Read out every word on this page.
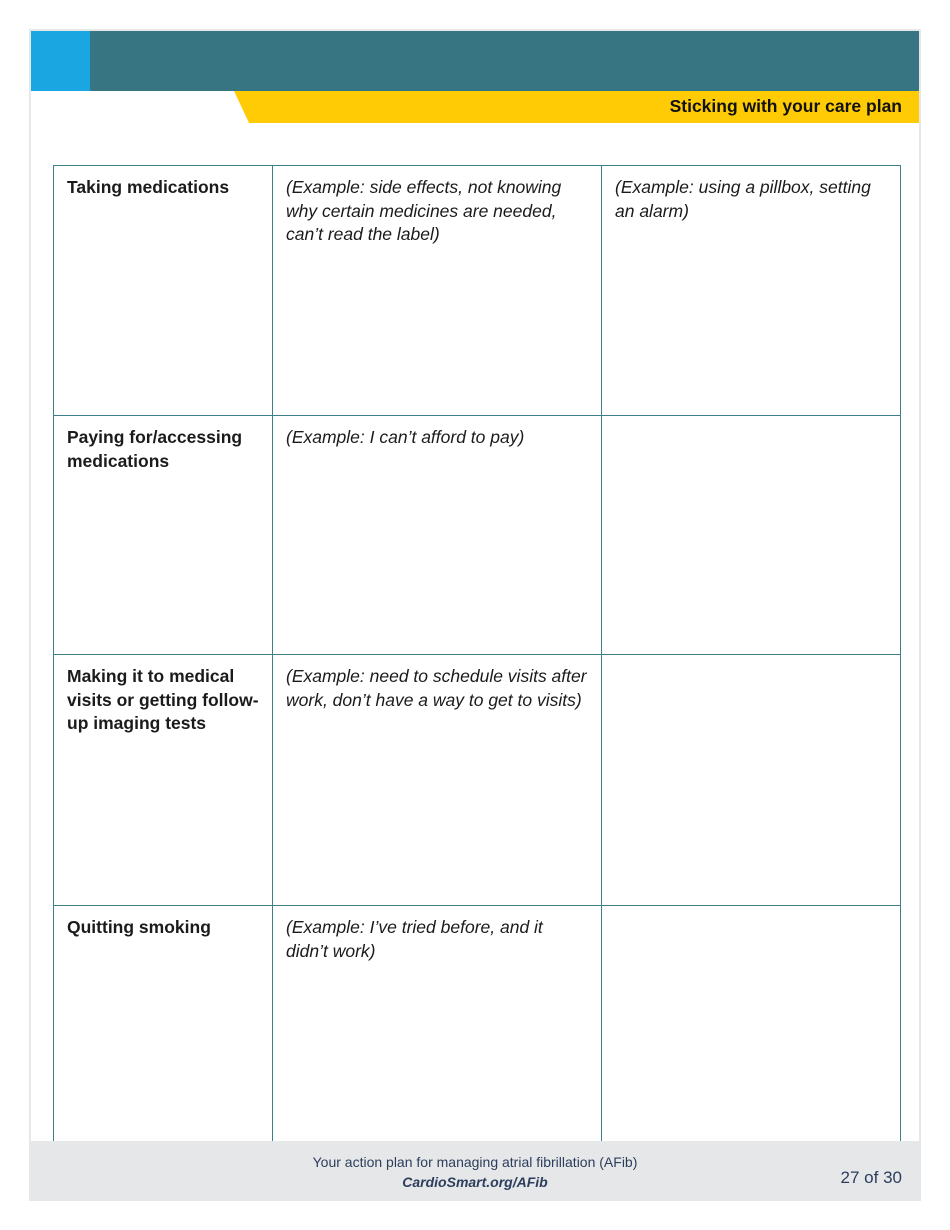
Sticking with your care plan
Taking medications	(Example: side effects, not knowing why certain medicines are needed, can’t read the label)	(Example: using a pillbox, setting an alarm)
Paying for/accessing medications	(Example: I can’t afford to pay)	
Making it to medical visits or getting follow-up imaging tests	(Example: need to schedule visits after work, don’t have a way to get to visits)	
Quitting smoking	(Example: I’ve tried before, and it didn’t work)	
Your action plan for managing atrial fibrillation (AFib)
CardioSmart.org/AFib	27 of 30
